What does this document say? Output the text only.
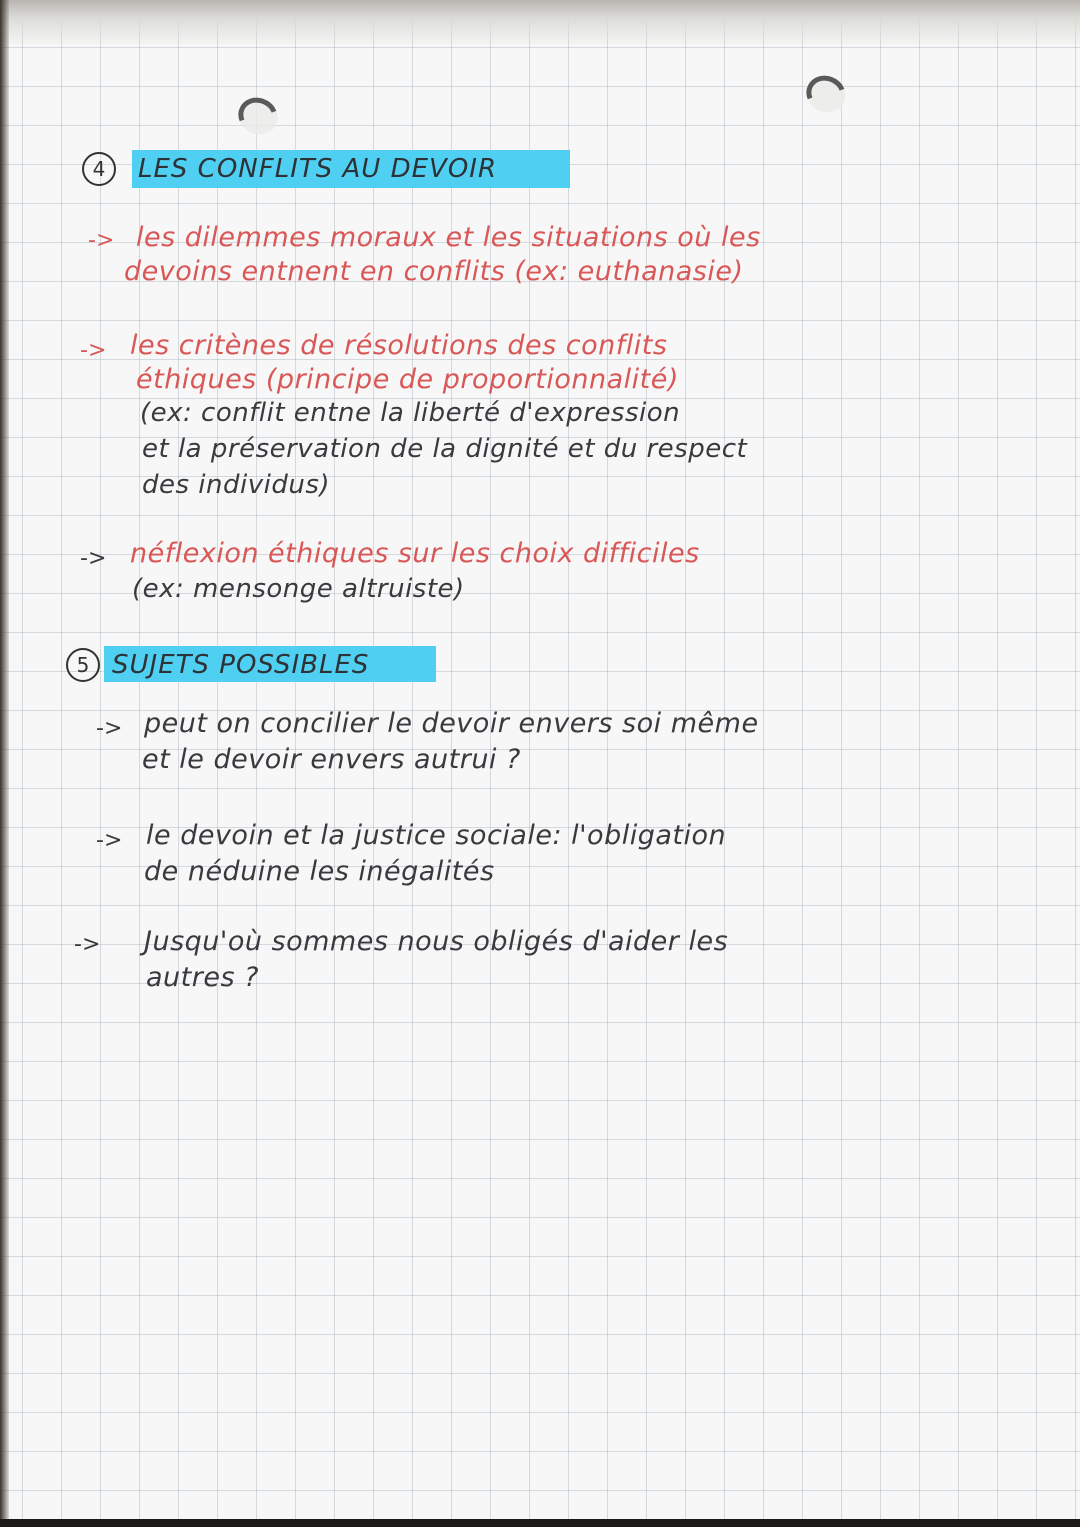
4	LES CONFLITS AU DEVOIR
-> les dilemmes moraux et les situations où les
devoins entnent en conflits (ex: euthanasie)
-> les critènes de résolutions des conflits
éthiques (principe de proportionnalité)
(ex: conflit entne la liberté d'expression
et la préservation de la dignité et du respect
des individus)
-> néflexion éthiques sur les choix difficiles
(ex: mensonge altruiste)
5 SUJETS POSSIBLES
-> peut on concilier le devoir envers soi même
et le devoir envers autrui ?
-> le devoin et la justice sociale: l'obligation
de néduine les inégalités
-> Jusqu'où sommes nous obligés d'aider les
autres ?
